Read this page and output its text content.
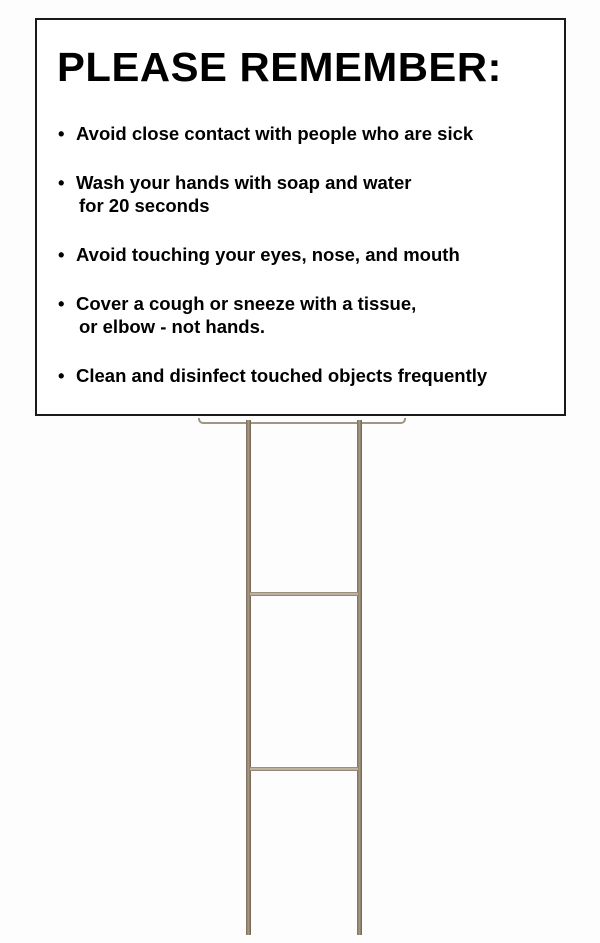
PLEASE REMEMBER:
• Avoid close contact with people who are sick
• Wash your hands with soap and water
for 20 seconds
• Avoid touching your eyes, nose, and mouth
• Cover a cough or sneeze with a tissue,
or elbow - not hands.
• Clean and disinfect touched objects frequently
